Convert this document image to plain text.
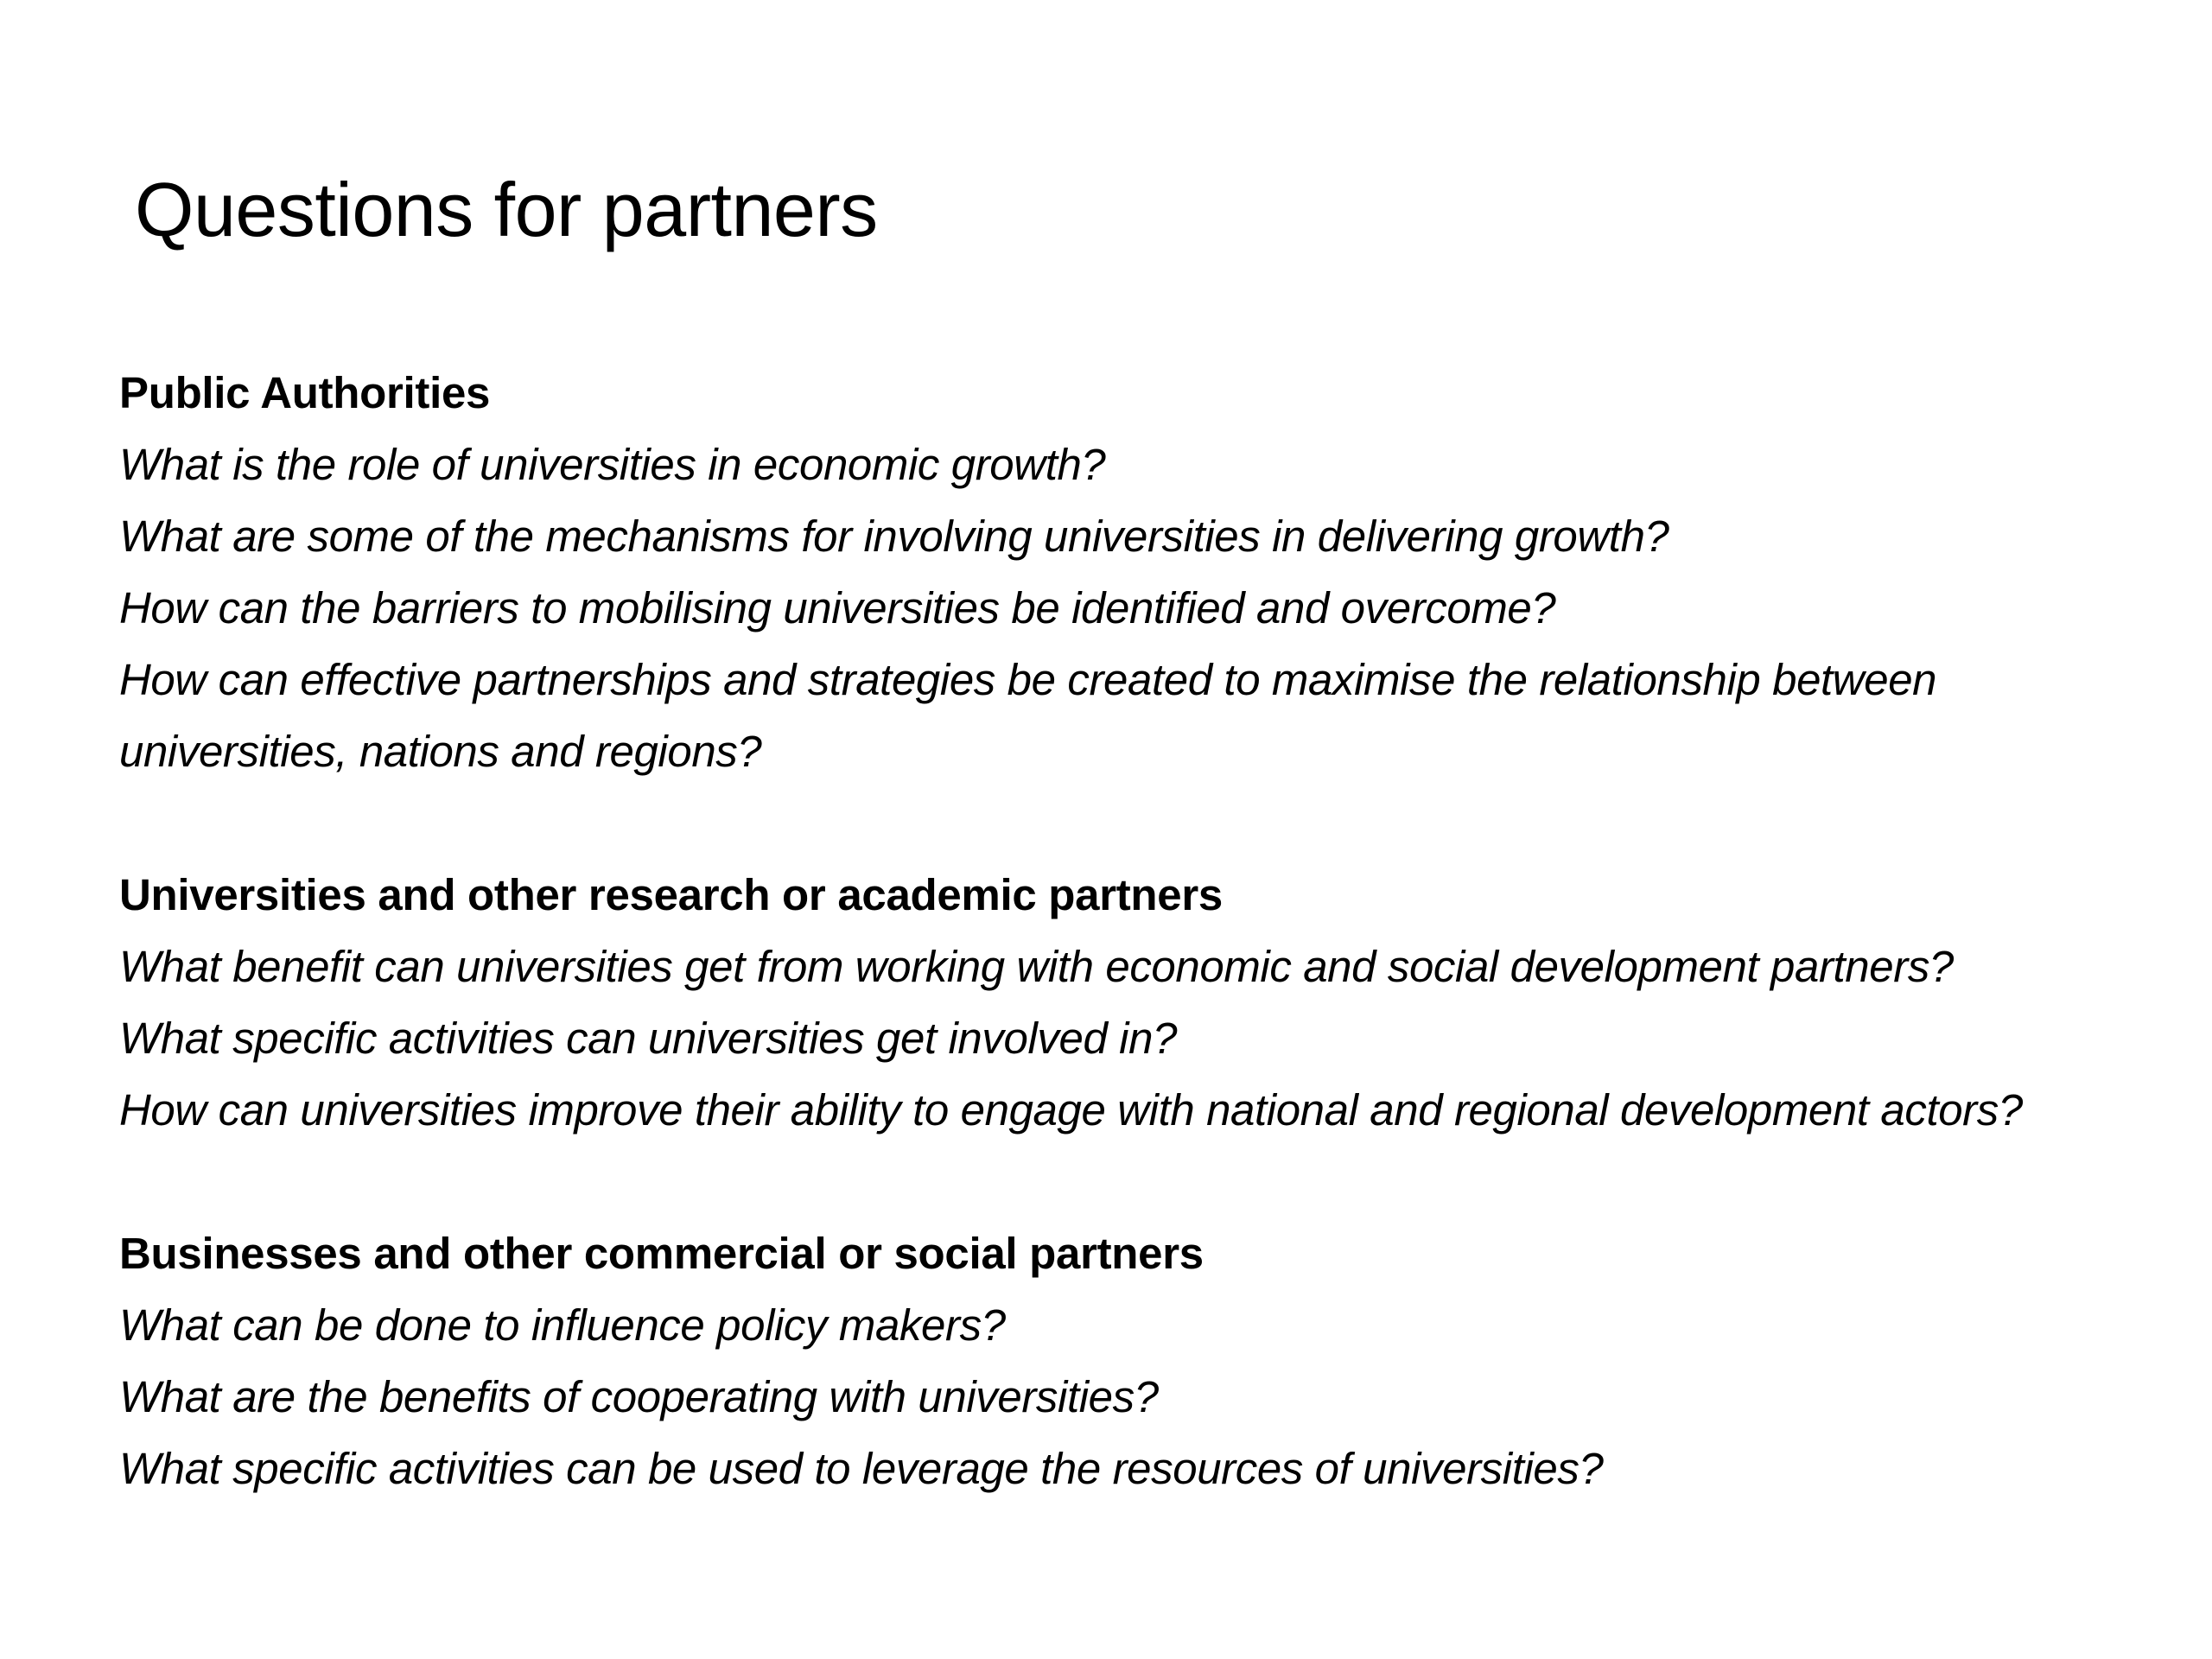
Questions for partners
Public Authorities
What is the role of universities in economic growth?
What are some of the mechanisms for involving universities in delivering growth?
How can the barriers to mobilising universities be identified and overcome?
How can effective partnerships and strategies be created to maximise the relationship between universities, nations and regions?
Universities and other research or academic partners
What benefit can universities get from working with economic and social development partners?
What specific activities can universities get involved in?
How can universities improve their ability to engage with national and regional development actors?
Businesses and other commercial or social partners
What can be done to influence policy makers?
What are the benefits of cooperating with universities?
What specific activities can be used to leverage the resources of universities?
